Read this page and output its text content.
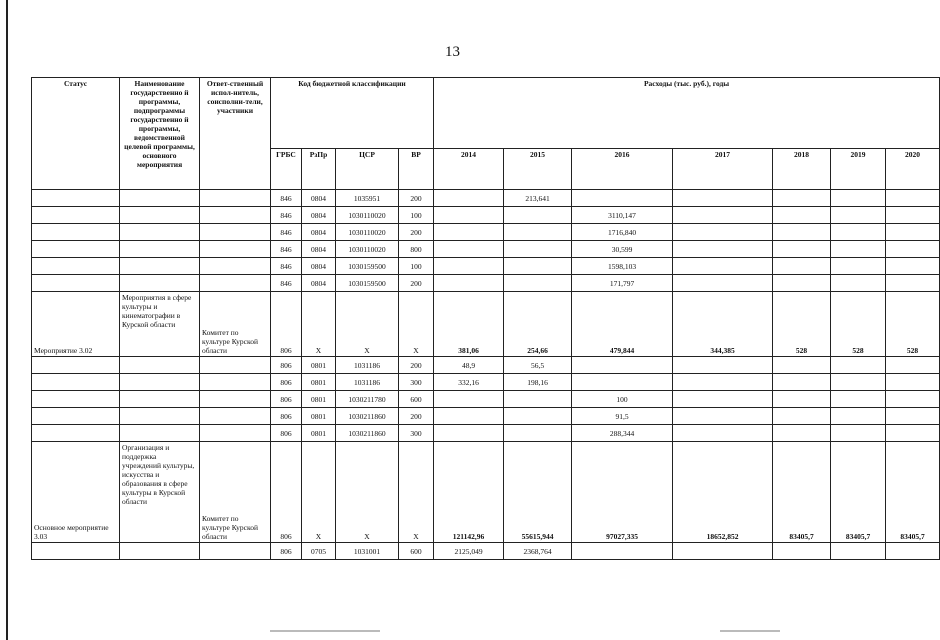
13
Статус	Наименование государственно й программы, подпрограммы государственно й программы, ведомственной целевой программы, основного мероприятия	Ответ-ственный испол-нитель, соисполни-тели, участники	Код бюджетной классификации				Расходы (тыс. руб.), годы						
			ГРБС	РзПр	ЦСР	ВР	2014	2015	2016	2017	2018	2019	2020
			846	0804	1035951	200		213,641					
			846	0804	1030110020	100			3110,147				
			846	0804	1030110020	200			1716,840				
			846	0804	1030110020	800			30,599				
			846	0804	1030159500	100			1598,103				
			846	0804	1030159500	200			171,797				
Мероприятие 3.02	Мероприятия в сфере культуры и кинематографии в Курской области	Комитет по культуре Курской области	806	Х	Х	Х	381,06	254,66	479,844	344,385	528	528	528
			806	0801	1031186	200	48,9	56,5					
			806	0801	1031186	300	332,16	198,16					
			806	0801	1030211780	600			100				
			806	0801	1030211860	200			91,5				
			806	0801	1030211860	300			288,344				
Основное мероприятие 3.03	Организация и поддержка учреждений культуры, искусства и образования в сфере культуры в Курской области	Комитет по культуре Курской области	806	Х	Х	Х	121142,96	55615,944	97027,335	18652,852	83405,7	83405,7	83405,7
			806	0705	1031001	600	2125,049	2368,764					
